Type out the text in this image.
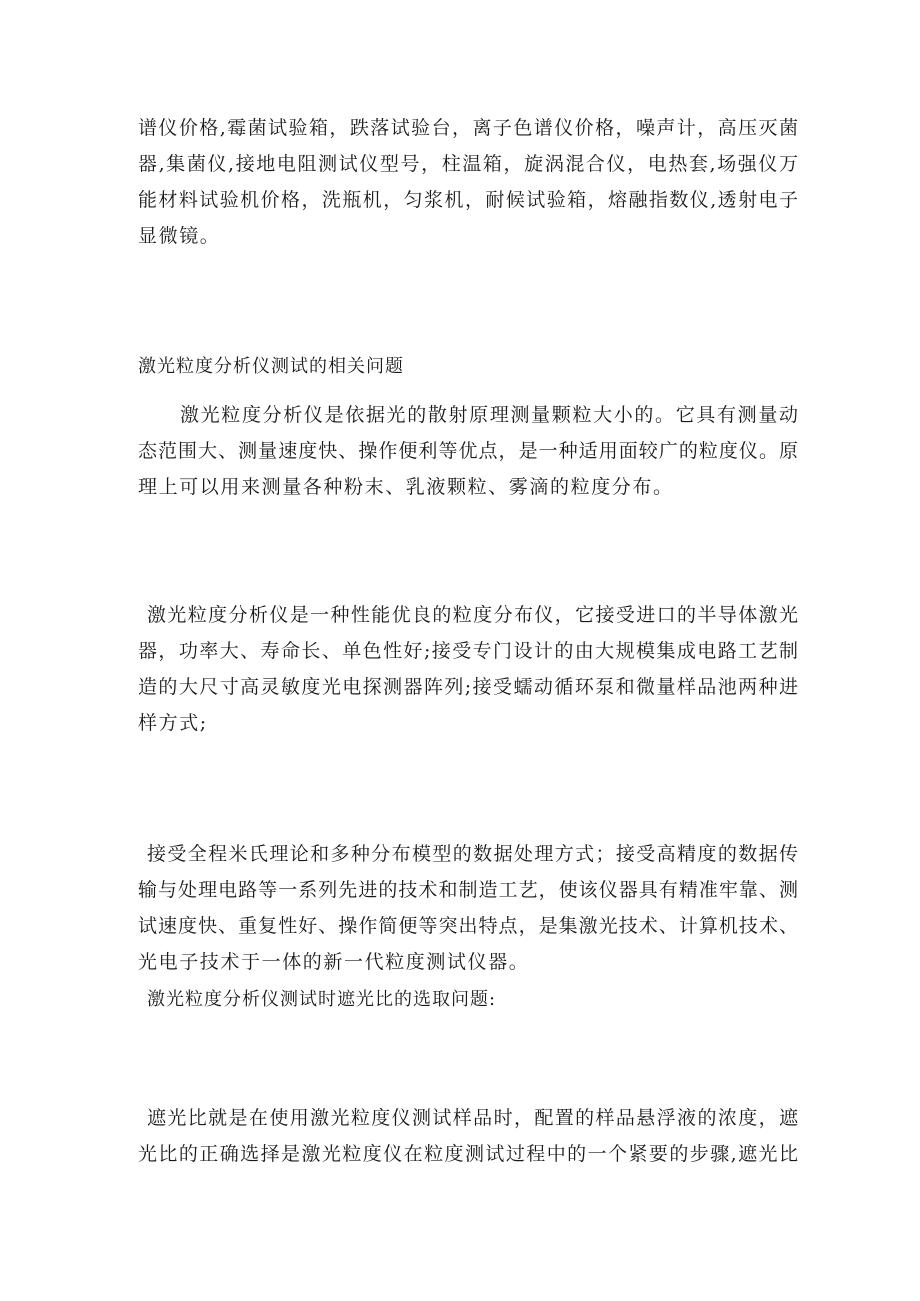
谱仪价格,霉菌试验箱，跌落试验台，离子色谱仪价格，噪声计，高压灭菌
器,集菌仪,接地电阻测试仪型号，柱温箱，旋涡混合仪，电热套,场强仪万
能材料试验机价格，洗瓶机，匀浆机，耐候试验箱，熔融指数仪,透射电子
显微镜。
激光粒度分析仪测试的相关问题
激光粒度分析仪是依据光的散射原理测量颗粒大小的。它具有测量动
态范围大、测量速度快、操作便利等优点，是一种适用面较广的粒度仪。原
理上可以用来测量各种粉末、乳液颗粒、雾滴的粒度分布。
激光粒度分析仪是一种性能优良的粒度分布仪，它接受进口的半导体激光
器，功率大、寿命长、单色性好;接受专门设计的由大规模集成电路工艺制
造的大尺寸高灵敏度光电探测器阵列;接受蠕动循环泵和微量样品池两种进
样方式;
接受全程米氏理论和多种分布模型的数据处理方式；接受高精度的数据传
输与处理电路等一系列先进的技术和制造工艺，使该仪器具有精准牢靠、测
试速度快、重复性好、操作简便等突出特点，是集激光技术、计算机技术、
光电子技术于一体的新一代粒度测试仪器。
激光粒度分析仪测试时遮光比的选取问题:
遮光比就是在使用激光粒度仪测试样品时，配置的样品悬浮液的浓度，遮
光比的正确选择是激光粒度仪在粒度测试过程中的一个紧要的步骤,遮光比
